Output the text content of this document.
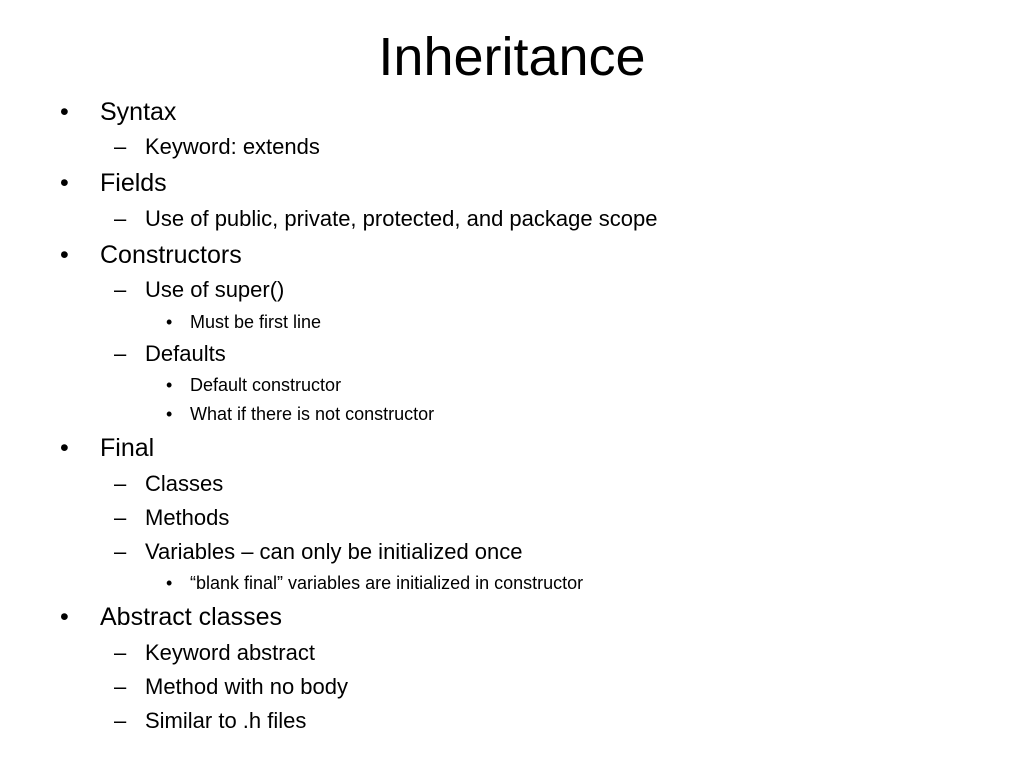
Inheritance
•
Syntax
–
Keyword: extends
•
Fields
–
Use of public, private, protected, and package scope
•
Constructors
–
Use of super()
•
Must be first line
–
Defaults
•
Default constructor
•
What if there is not constructor
•
Final
–
Classes
–
Methods
–
Variables – can only be initialized once
•
“blank final” variables are initialized in constructor
•
Abstract classes
–
Keyword abstract
–
Method with no body
–
Similar to .h files
